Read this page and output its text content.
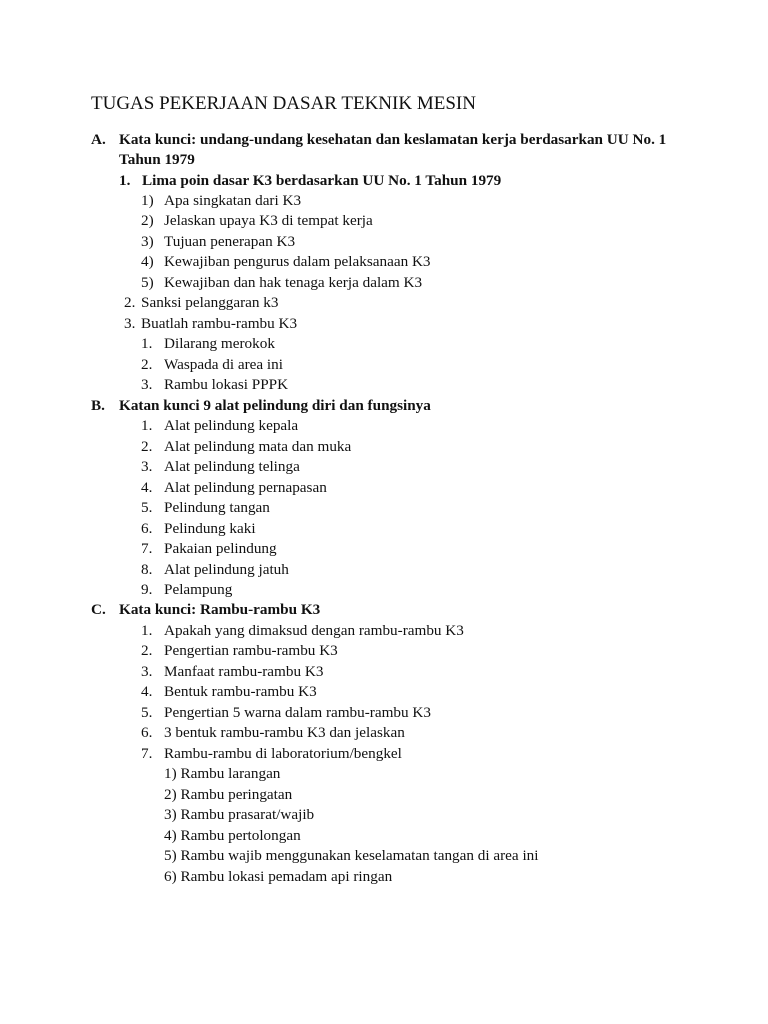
TUGAS PEKERJAAN DASAR TEKNIK MESIN
A. Kata kunci: undang-undang kesehatan dan keslamatan kerja berdasarkan UU No. 1
Tahun 1979
1. Lima poin dasar K3 berdasarkan UU No. 1 Tahun 1979
1) Apa singkatan dari K3
2) Jelaskan upaya K3 di tempat kerja
3) Tujuan penerapan K3
4) Kewajiban pengurus dalam pelaksanaan K3
5) Kewajiban dan hak tenaga kerja dalam K3
2. Sanksi pelanggaran k3
3. Buatlah rambu-rambu K3
1. Dilarang merokok
2. Waspada di area ini
3. Rambu lokasi PPPK
B. Katan kunci 9 alat pelindung diri dan fungsinya
1. Alat pelindung kepala
2. Alat pelindung mata dan muka
3. Alat pelindung telinga
4. Alat pelindung pernapasan
5. Pelindung tangan
6. Pelindung kaki
7. Pakaian pelindung
8. Alat pelindung jatuh
9. Pelampung
C. Kata kunci: Rambu-rambu K3
1. Apakah yang dimaksud dengan rambu-rambu K3
2. Pengertian rambu-rambu K3
3. Manfaat rambu-rambu K3
4. Bentuk rambu-rambu K3
5. Pengertian 5 warna dalam rambu-rambu K3
6. 3 bentuk rambu-rambu K3 dan jelaskan
7. Rambu-rambu di laboratorium/bengkel
1) Rambu larangan
2) Rambu peringatan
3) Rambu prasarat/wajib
4) Rambu pertolongan
5) Rambu wajib menggunakan keselamatan tangan di area ini
6) Rambu lokasi pemadam api ringan
